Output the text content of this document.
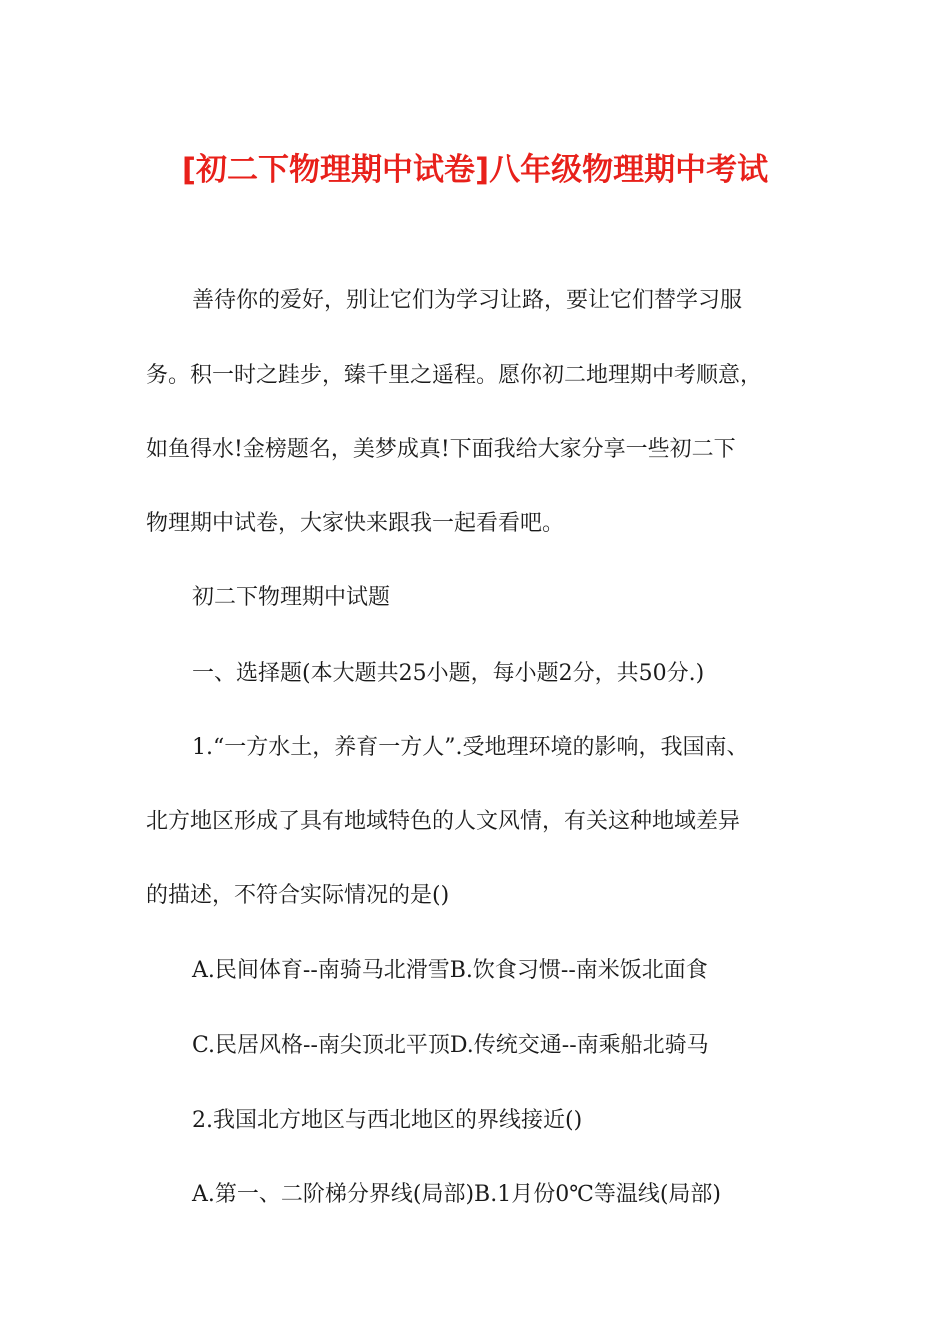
[初二下物理期中试卷]八年级物理期中考试
善待你的爱好，别让它们为学习让路，要让它们替学习服
务。积一时之跬步，臻千里之遥程。愿你初二地理期中考顺意，
如鱼得水!金榜题名，美梦成真!下面我给大家分享一些初二下
物理期中试卷，大家快来跟我一起看看吧。
初二下物理期中试题
一、选择题(本大题共25小题，每小题2分，共50分.)
1.“一方水土，养育一方人”.受地理环境的影响，我国南、
北方地区形成了具有地域特色的人文风情，有关这种地域差异
的描述，不符合实际情况的是()
A.民间体育--南骑马北滑雪B.饮食习惯--南米饭北面食
C.民居风格--南尖顶北平顶D.传统交通--南乘船北骑马
2.我国北方地区与西北地区的界线接近()
A.第一、二阶梯分界线(局部)B.1月份0℃等温线(局部)
